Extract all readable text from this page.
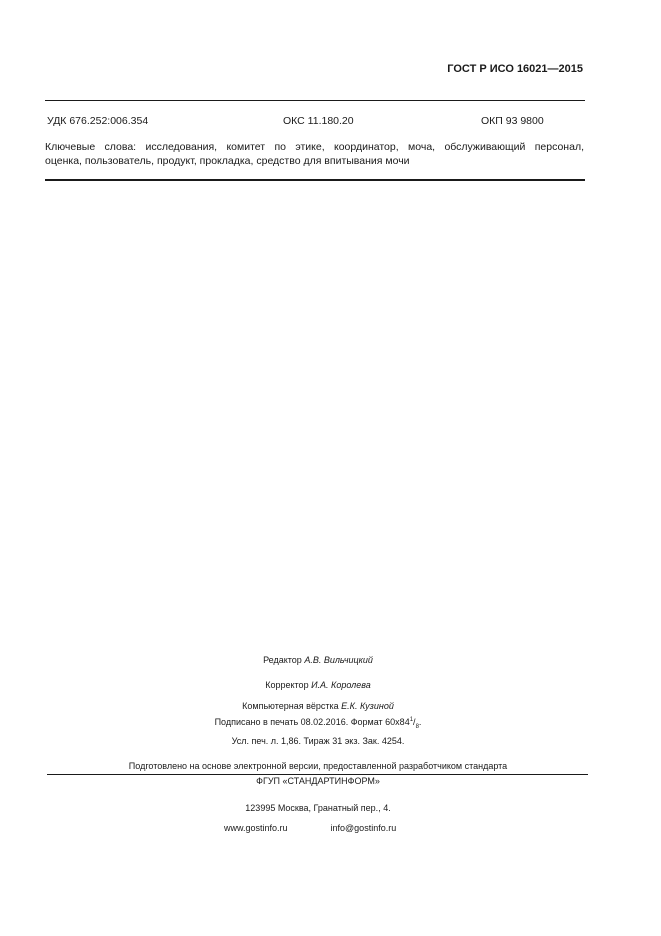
ГОСТ Р ИСО 16021—2015
УДК 676.252:006.354	ОКС 11.180.20	ОКП 93 9800
Ключевые слова: исследования, комитет по этике, координатор, моча, обслуживающий персонал,
оценка, пользователь, продукт, прокладка, средство для впитывания мочи
Редактор А.В. Вильчицкий
Корректор И.А. Королева
Компьютерная вёрстка Е.К. Кузиной
Подписано в печать 08.02.2016. Формат $60х84^1/_8$.
Усл. печ. л. 1,86. Тираж 31 экз. Зак. 4254.
Подготовлено на основе электронной версии, предоставленной разработчиком стандарта
ФГУП «СТАНДАРТИНФОРМ»
123995 Москва, Гранатный пер., 4.
www.gostinfo.ru	info@gostinfo.ru
